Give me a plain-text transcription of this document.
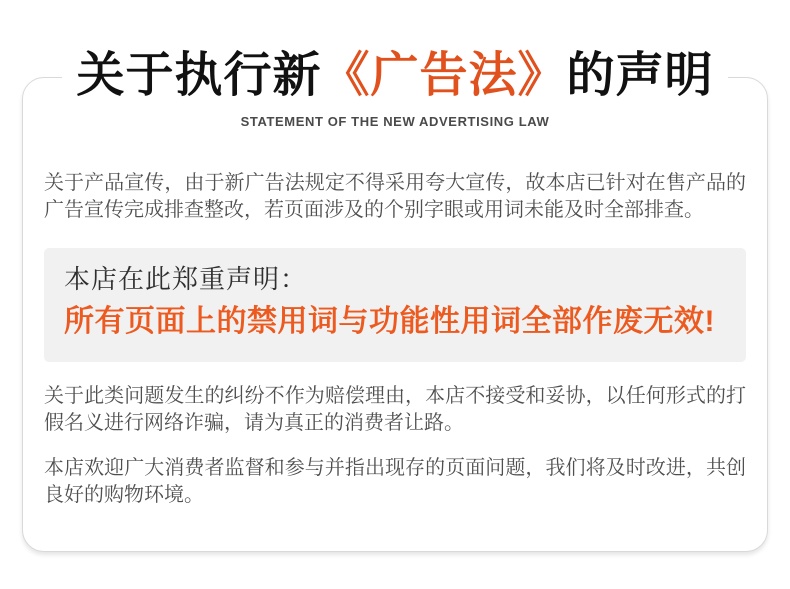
关于执行新《广告法》的声明
STATEMENT OF THE NEW ADVERTISING LAW

关于产品宣传，由于新广告法规定不得采用夸大宣传，故本店已针对在售产品的广告宣传完成排查整改，若页面涉及的个别字眼或用词未能及时全部排查。

本店在此郑重声明：
所有页面上的禁用词与功能性用词全部作废无效!

关于此类问题发生的纠纷不作为赔偿理由，本店不接受和妥协，以任何形式的打假名义进行网络诈骗，请为真正的消费者让路。

本店欢迎广大消费者监督和参与并指出现存的页面问题，我们将及时改进，共创良好的购物环境。
